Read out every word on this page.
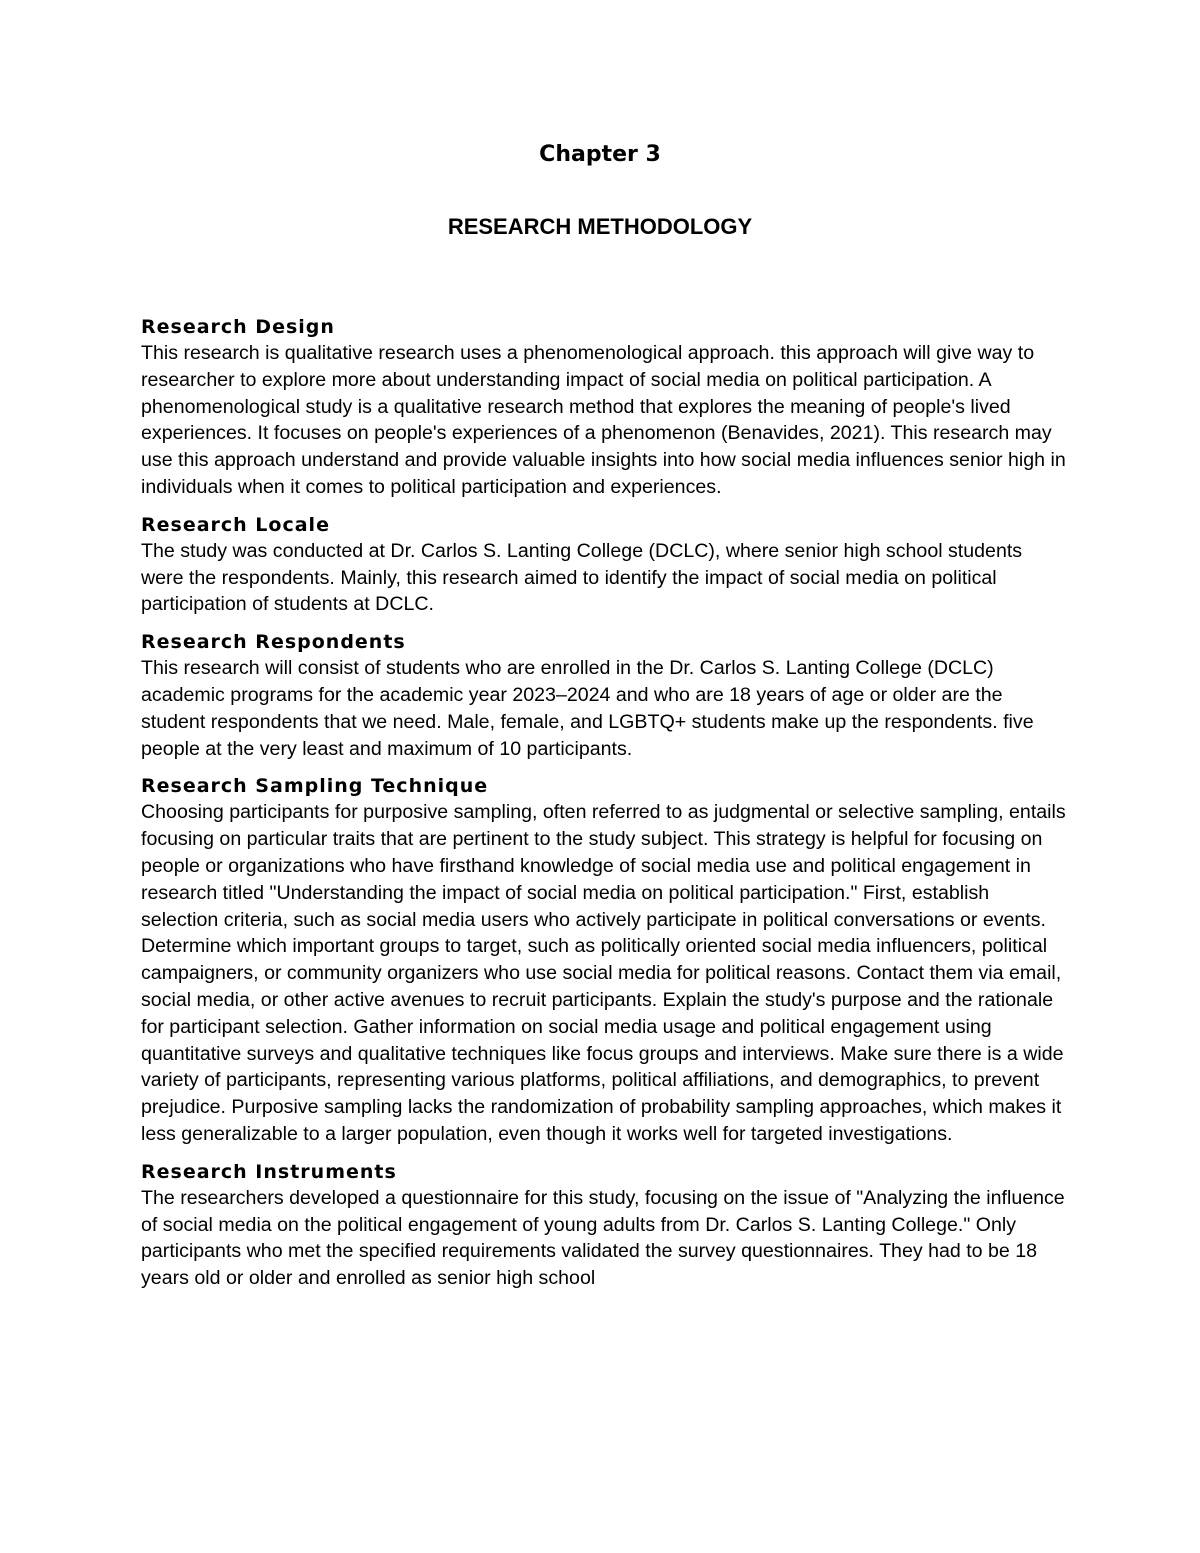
Chapter 3
RESEARCH METHODOLOGY
Research Design

This research is qualitative research uses a phenomenological approach. this approach will give way to researcher to explore more about understanding impact of social media on political participation. A phenomenological study is a qualitative research method that explores the meaning of people's lived experiences. It focuses on people's experiences of a phenomenon (Benavides, 2021). This research may use this approach understand and provide valuable insights into how social media influences senior high in individuals when it comes to political participation and experiences.

Research Locale

The study was conducted at Dr. Carlos S. Lanting College (DCLC), where senior high school students were the respondents. Mainly, this research aimed to identify the impact of social media on political participation of students at DCLC.

Research Respondents

This research will consist of students who are enrolled in the Dr. Carlos S. Lanting College (DCLC) academic programs for the academic year 2023–2024 and who are 18 years of age or older are the student respondents that we need. Male, female, and LGBTQ+ students make up the respondents. five people at the very least and maximum of 10 participants.

Research Sampling Technique

Choosing participants for purposive sampling, often referred to as judgmental or selective sampling, entails focusing on particular traits that are pertinent to the study subject. This strategy is helpful for focusing on people or organizations who have firsthand knowledge of social media use and political engagement in research titled "Understanding the impact of social media on political participation." First, establish selection criteria, such as social media users who actively participate in political conversations or events. Determine which important groups to target, such as politically oriented social media influencers, political campaigners, or community organizers who use social media for political reasons. Contact them via email, social media, or other active avenues to recruit participants. Explain the study's purpose and the rationale for participant selection. Gather information on social media usage and political engagement using quantitative surveys and qualitative techniques like focus groups and interviews. Make sure there is a wide variety of participants, representing various platforms, political affiliations, and demographics, to prevent prejudice. Purposive sampling lacks the randomization of probability sampling approaches, which makes it less generalizable to a larger population, even though it works well for targeted investigations.

Research Instruments

The researchers developed a questionnaire for this study, focusing on the issue of "Analyzing the influence of social media on the political engagement of young adults from Dr. Carlos S. Lanting College." Only participants who met the specified requirements validated the survey questionnaires. They had to be 18 years old or older and enrolled as senior high school
